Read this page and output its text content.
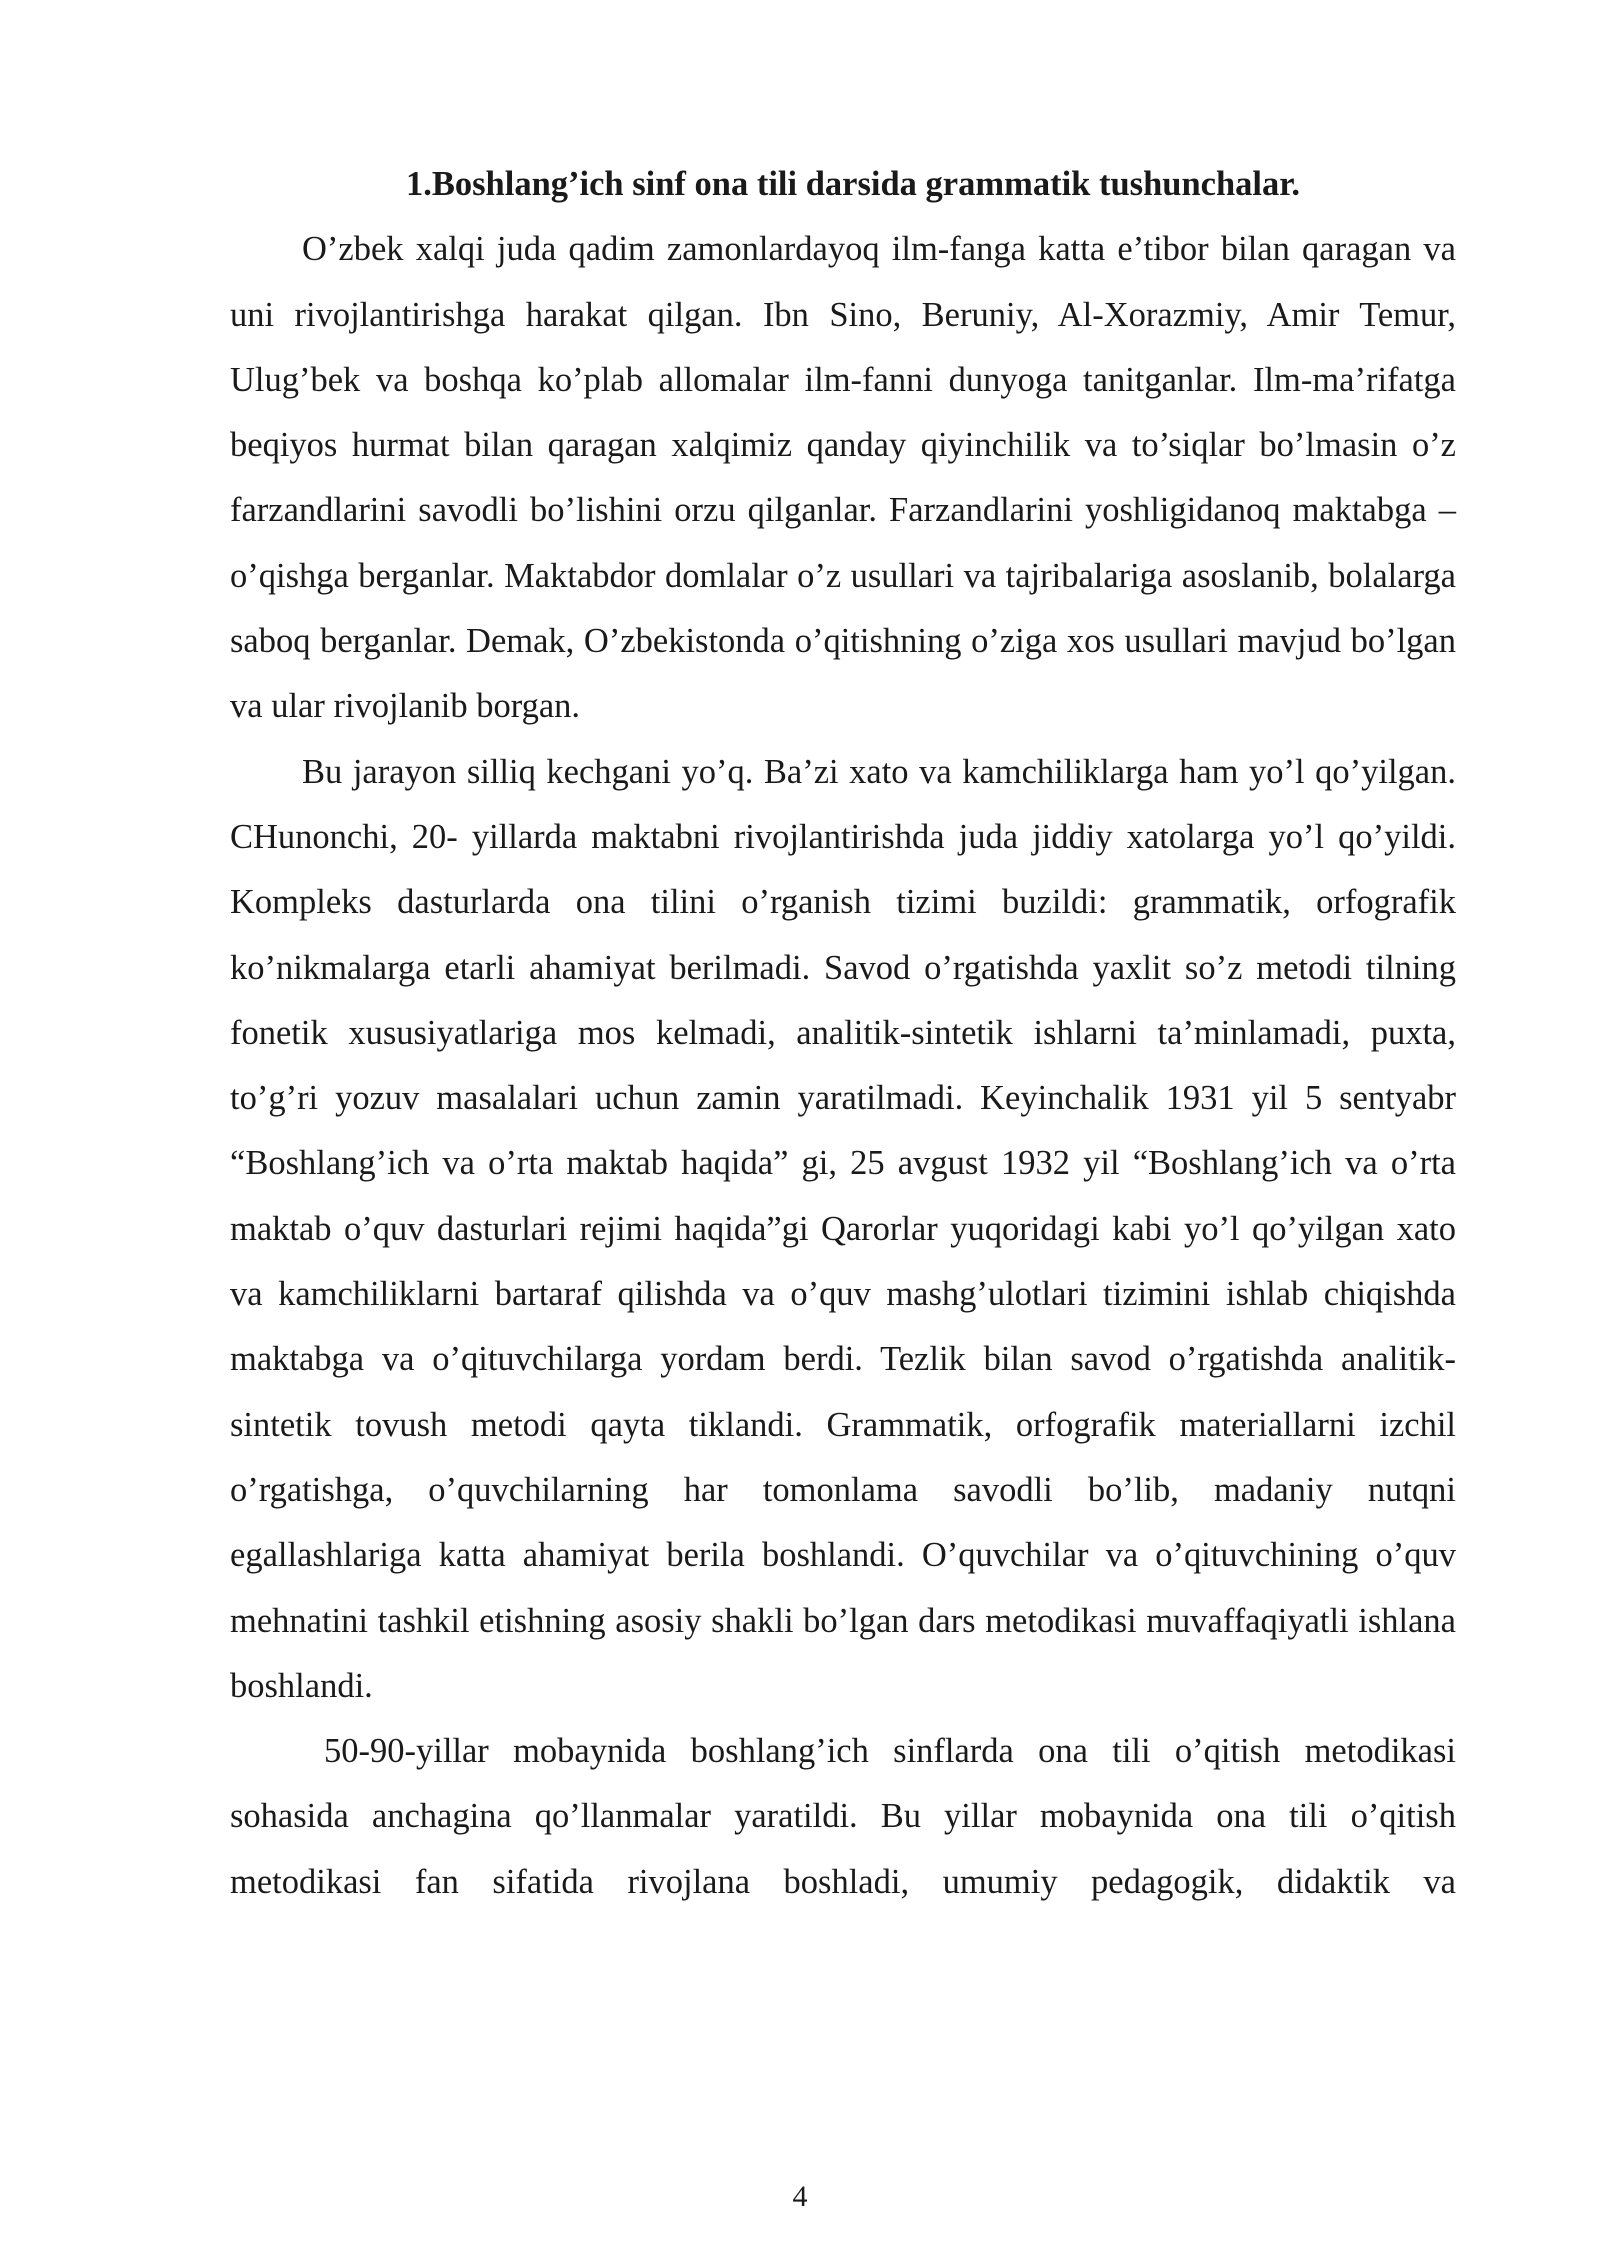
1.Boshlang’ich sinf ona tili darsida grammatik tushunchalar.

O’zbek xalqi juda qadim zamonlardayoq ilm-fanga katta e’tibor bilan qaragan va uni rivojlantirishga harakat qilgan. Ibn Sino, Beruniy, Al-Xorazmiy, Amir Temur, Ulug’bek va boshqa ko’plab allomalar ilm-fanni dunyoga tanitganlar. Ilm-ma’rifatga beqiyos hurmat bilan qaragan xalqimiz qanday qiyinchilik va to’siqlar bo’lmasin o’z farzandlarini savodli bo’lishini orzu qilganlar. Farzandlarini yoshligidanoq maktabga – o’qishga berganlar. Maktabdor domlalar o’z usullari va tajribalariga asoslanib, bolalarga saboq berganlar. Demak, O’zbekistonda o’qitishning o’ziga xos usullari mavjud bo’lgan va ular rivojlanib borgan.

Bu jarayon silliq kechgani yo’q. Ba’zi xato va kamchiliklarga ham yo’l qo’yilgan. CHunonchi, 20- yillarda maktabni rivojlantirishda juda jiddiy xatolarga yo’l qo’yildi. Kompleks dasturlarda ona tilini o’rganish tizimi buzildi: grammatik, orfografik ko’nikmalarga etarli ahamiyat berilmadi. Savod o’rgatishda yaxlit so’z metodi tilning fonetik xususiyatlariga mos kelmadi, analitik-sintetik ishlarni ta’minlamadi, puxta, to’g’ri yozuv masalalari uchun zamin yaratilmadi. Keyinchalik 1931 yil 5 sentyabr “Boshlang’ich va o’rta maktab haqida” gi, 25 avgust 1932 yil “Boshlang’ich va o’rta maktab o’quv dasturlari rejimi haqida”gi Qarorlar yuqoridagi kabi yo’l qo’yilgan xato va kamchiliklarni bartaraf qilishda va o’quv mashg’ulotlari tizimini ishlab chiqishda maktabga va o’qituvchilarga yordam berdi. Tezlik bilan savod o’rgatishda analitik-sintetik tovush metodi qayta tiklandi. Grammatik, orfografik materiallarni izchil o’rgatishga, o’quvchilarning har tomonlama savodli bo’lib, madaniy nutqni egallashlariga katta ahamiyat berila boshlandi. O’quvchilar va o’qituvchining o’quv mehnatini tashkil etishning asosiy shakli bo’lgan dars metodikasi muvaffaqiyatli ishlana boshlandi.

50-90-yillar mobaynida boshlang’ich sinflarda ona tili o’qitish metodikasi sohasida anchagina qo’llanmalar yaratildi. Bu yillar mobaynida ona tili o’qitish metodikasi fan sifatida rivojlana boshladi, umumiy pedagogik, didaktik va

4
